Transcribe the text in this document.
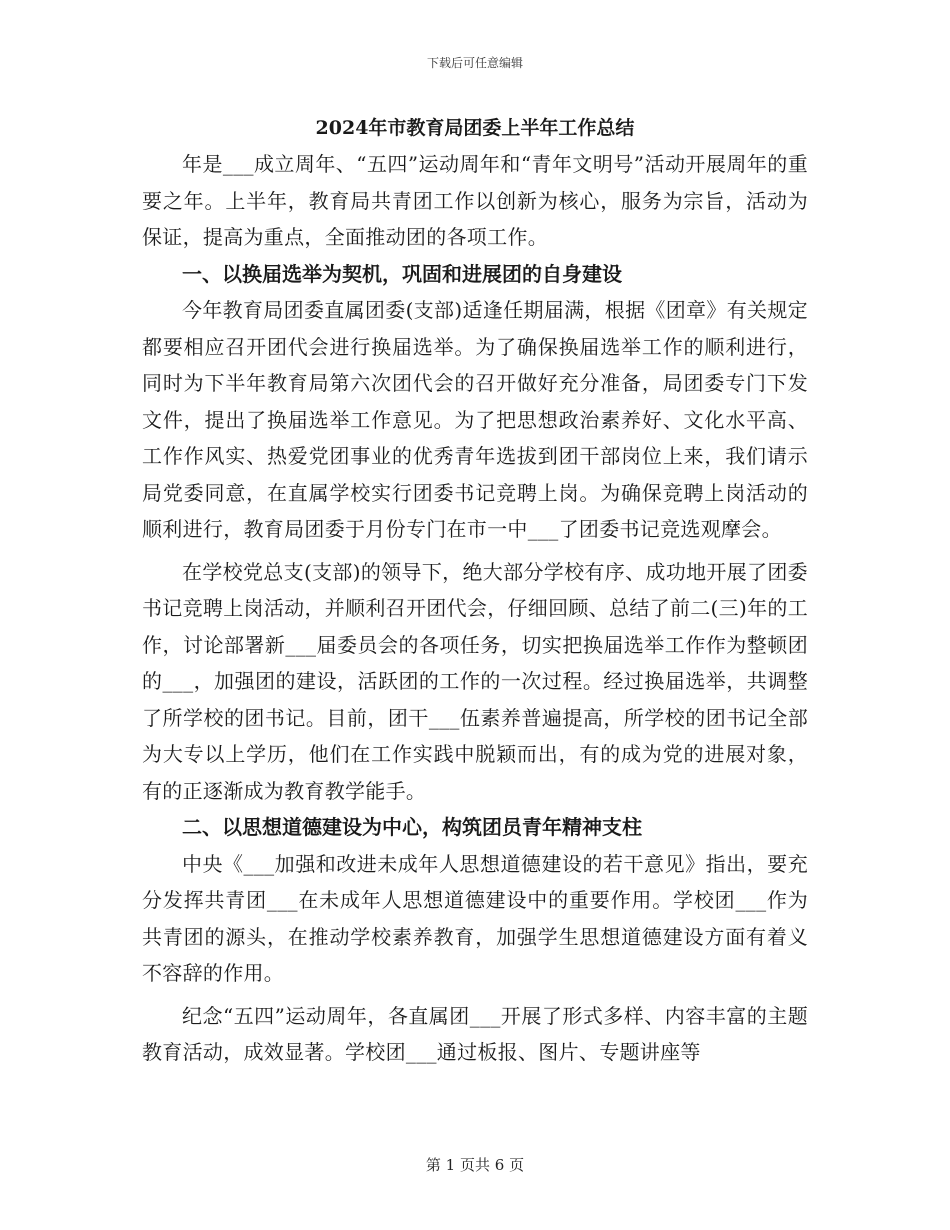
下载后可任意编辑
2024年市教育局团委上半年工作总结

年是___成立周年、“五四”运动周年和“青年文明号”活动开展周年的重要之年。上半年，教育局共青团工作以创新为核心，服务为宗旨，活动为保证，提高为重点，全面推动团的各项工作。

一、以换届选举为契机，巩固和进展团的自身建设

今年教育局团委直属团委(支部)适逢任期届满，根据《团章》有关规定都要相应召开团代会进行换届选举。为了确保换届选举工作的顺利进行，同时为下半年教育局第六次团代会的召开做好充分准备，局团委专门下发文件，提出了换届选举工作意见。为了把思想政治素养好、文化水平高、工作作风实、热爱党团事业的优秀青年选拔到团干部岗位上来，我们请示局党委同意，在直属学校实行团委书记竞聘上岗。为确保竞聘上岗活动的顺利进行，教育局团委于月份专门在市一中___了团委书记竞选观摩会。

在学校党总支(支部)的领导下，绝大部分学校有序、成功地开展了团委书记竞聘上岗活动，并顺利召开团代会，仔细回顾、总结了前二(三)年的工作，讨论部署新___届委员会的各项任务，切实把换届选举工作作为整顿团的___，加强团的建设，活跃团的工作的一次过程。经过换届选举，共调整了所学校的团书记。目前，团干___伍素养普遍提高，所学校的团书记全部为大专以上学历，他们在工作实践中脱颖而出，有的成为党的进展对象，有的正逐渐成为教育教学能手。

二、以思想道德建设为中心，构筑团员青年精神支柱

中央《___加强和改进未成年人思想道德建设的若干意见》指出，要充分发挥共青团___在未成年人思想道德建设中的重要作用。学校团___作为共青团的源头，在推动学校素养教育，加强学生思想道德建设方面有着义不容辞的作用。

纪念“五四”运动周年，各直属团___开展了形式多样、内容丰富的主题教育活动，成效显著。学校团___通过板报、图片、专题讲座等

第 1 页共 6 页
